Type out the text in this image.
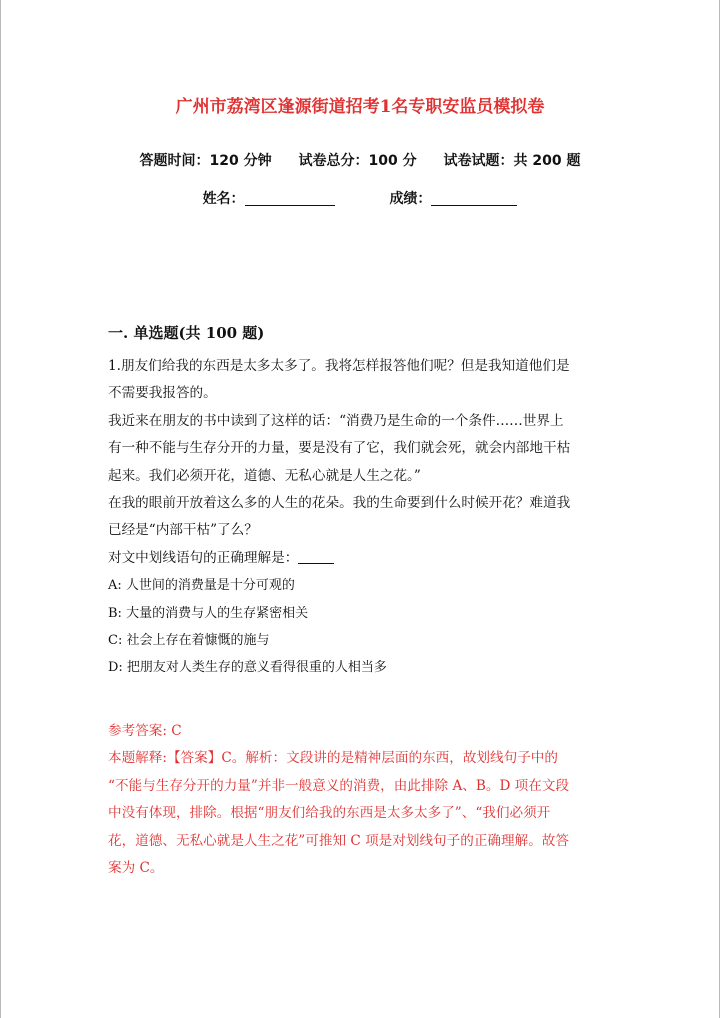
广州市荔湾区逢源街道招考1名专职安监员模拟卷
答题时间：120 分钟 试卷总分：100 分 试卷试题：共 200 题
姓名：	成绩：
一. 单选题(共 100 题)

1.朋友们给我的东西是太多太多了。我将怎样报答他们呢？但是我知道他们是

不需要我报答的。

我近来在朋友的书中读到了这样的话：“消费乃是生命的一个条件……世界上

有一种不能与生存分开的力量，要是没有了它，我们就会死，就会内部地干枯

起来。我们必须开花，道德、无私心就是人生之花。”

在我的眼前开放着这么多的人生的花朵。我的生命要到什么时候开花？难道我

已经是“内部干枯”了么？

对文中划线语句的正确理解是：

A: 人世间的消费量是十分可观的

B: 大量的消费与人的生存紧密相关

C: 社会上存在着慷慨的施与

D: 把朋友对人类生存的意义看得很重的人相当多

参考答案: C

本题解释:【答案】C。解析：文段讲的是精神层面的东西，故划线句子中的

“不能与生存分开的力量”并非一般意义的消费，由此排除 A、B。D 项在文段

中没有体现，排除。根据“朋友们给我的东西是太多太多了”、“我们必须开

花，道德、无私心就是人生之花”可推知 C 项是对划线句子的正确理解。故答

案为 C。
